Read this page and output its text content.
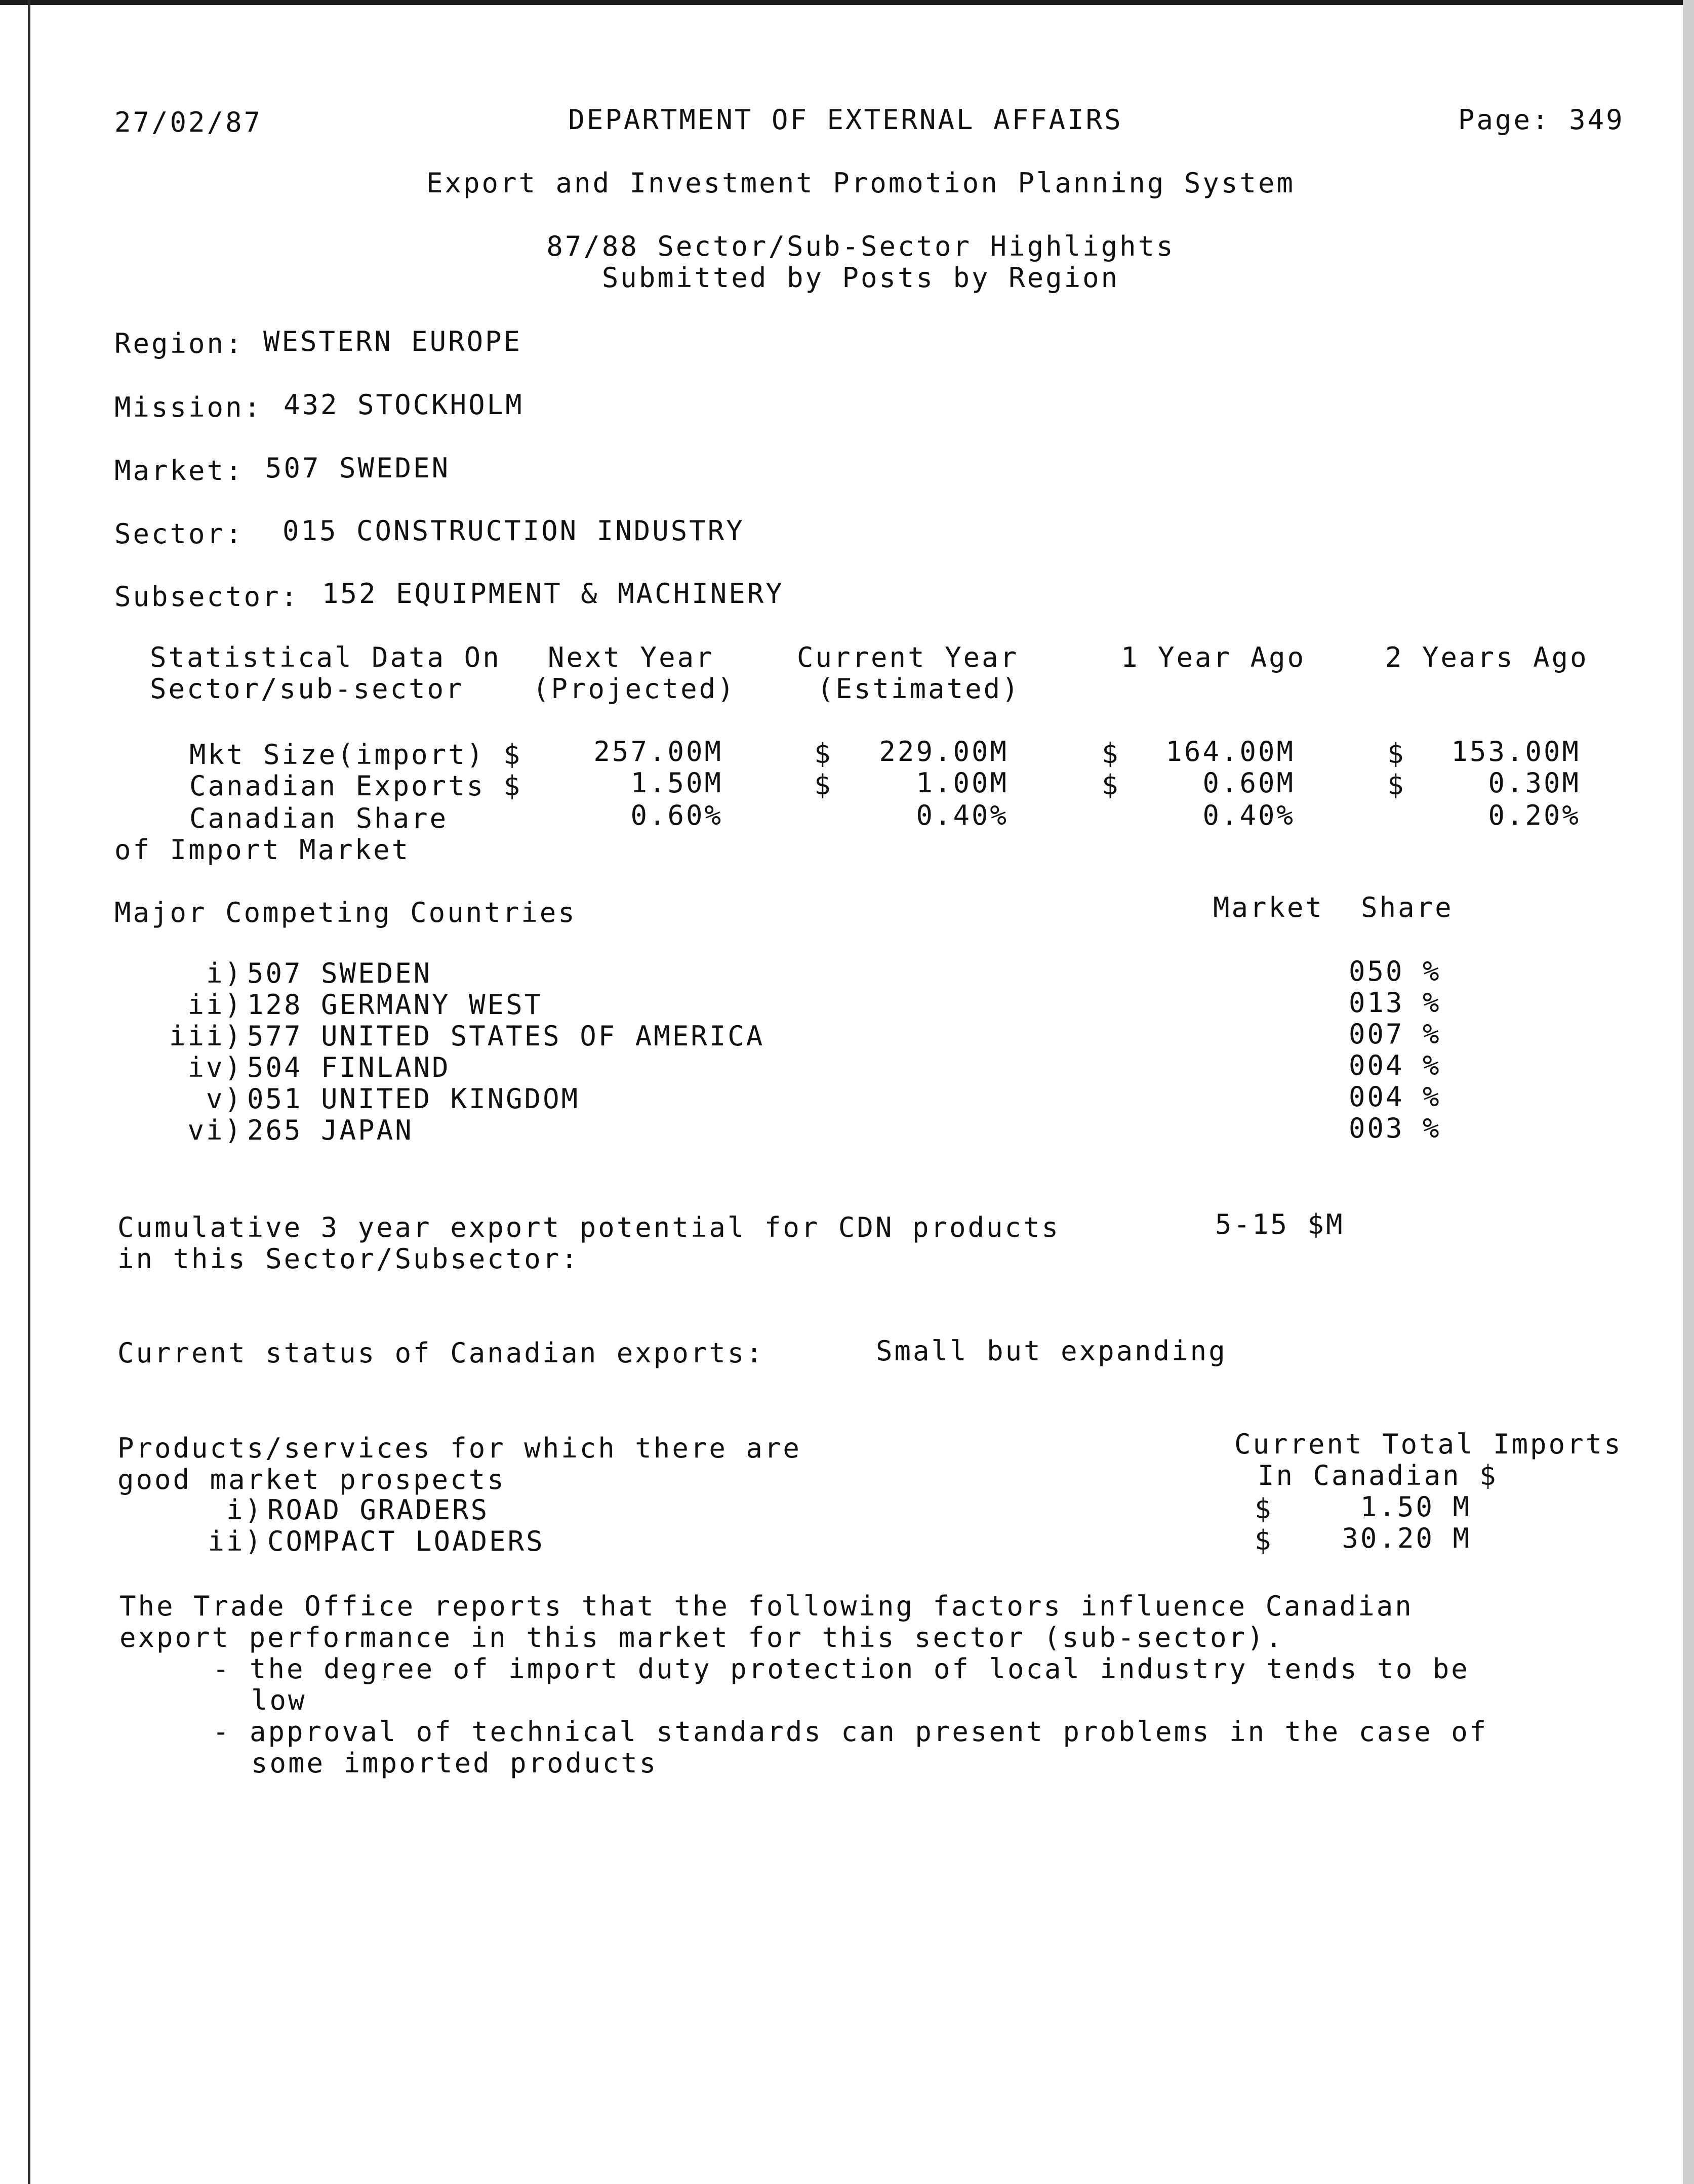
27/02/87	DEPARTMENT OF EXTERNAL AFFAIRS	Page: 349
Export and Investment Promotion Planning System
87/88 Sector/Sub-Sector Highlights
Submitted by Posts by Region
Region: WESTERN EUROPE
Mission: 432 STOCKHOLM
Market: 507 SWEDEN
Sector: 015 CONSTRUCTION INDUSTRY
Subsector: 152 EQUIPMENT & MACHINERY
Statistical Data On Next Year	Current Year	1 Year Ago	2 Years Ago
Sector/sub-sector	(Projected)	(Estimated)
Mkt Size(import) $	257.00M	$	229.00M	$	164.00M	$	153.00M
Canadian Exports $	1.50M	$	1.00M	$	0.60M	$	0.30M
Canadian Share	0.60%	0.40%	0.40%	0.20%
of Import Market
Major Competing Countries	Market  Share
i) 507 SWEDEN	050 %
ii) 128 GERMANY WEST	013 %
iii) 577 UNITED STATES OF AMERICA	007 %
iv) 504 FINLAND	004 %
v) 051 UNITED KINGDOM	004 %
vi) 265 JAPAN	003 %
Cumulative 3 year export potential for CDN products
in this Sector/Subsector:
5-15 $M
Current status of Canadian exports:	Small but expanding
Products/services for which there are
good market prospects
Current Total Imports
In Canadian $
i) ROAD GRADERS	$	1.50 M
ii) COMPACT LOADERS	$	30.20 M
The Trade Office reports that the following factors influence Canadian
export performance in this market for this sector (sub-sector).
- the degree of import duty protection of local industry tends to be
low
- approval of technical standards can present problems in the case of
some imported products
